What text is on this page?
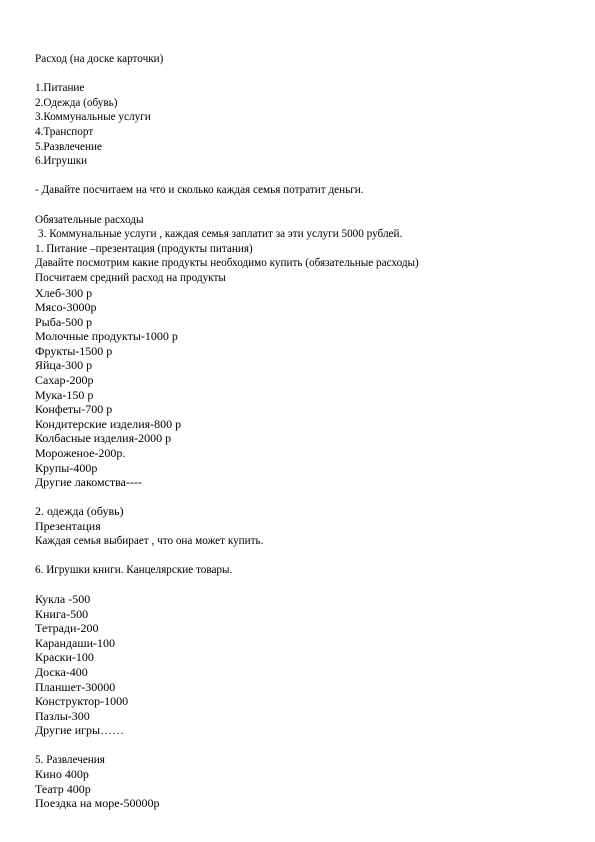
Расход (на доске карточки)
1.Питание
2.Одежда (обувь)
3.Коммунальные услуги
4.Транспорт
5.Развлечение
6.Игрушки
- Давайте посчитаем на что и сколько каждая семья потратит деньги.
Обязательные расходы
3. Коммунальные услуги , каждая семья заплатит за эти услуги 5000 рублей.
1. Питание –презентация (продукты питания)
Давайте посмотрим какие продукты необходимо купить (обязательные расходы)
Посчитаем средний расход на продукты
Хлеб-300 р
Мясо-3000р
Рыба-500 р
Молочные продукты-1000 р
Фрукты-1500 р
Яйца-300 р
Сахар-200р
Мука-150 р
Конфеты-700 р
Кондитерские изделия-800 р
Колбасные изделия-2000 р
Мороженое-200р.
Крупы-400р
Другие лакомства----
2. одежда (обувь)
Презентация
Каждая семья выбирает , что она может купить.
6. Игрушки книги. Канцелярские товары.
Кукла -500
Книга-500
Тетради-200
Карандаши-100
Краски-100
Доска-400
Планшет-30000
Конструктор-1000
Пазлы-300
Другие игры……
5. Развлечения
Кино 400р
Театр 400р
Поездка на море-50000р
